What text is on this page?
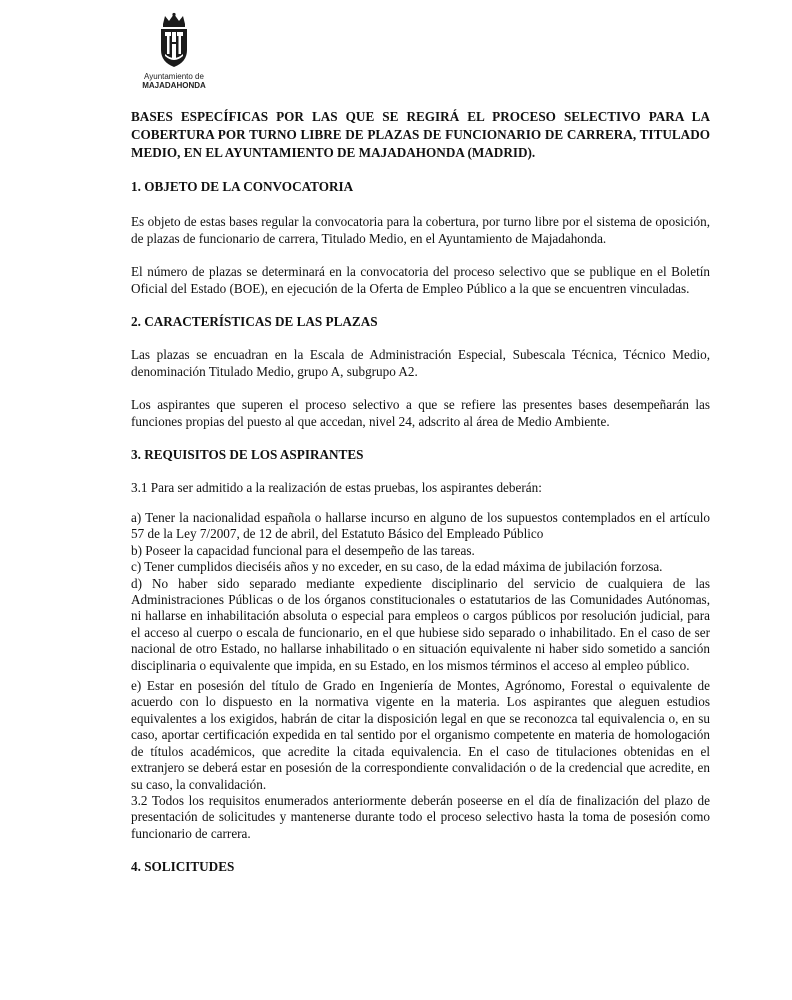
Ayuntamiento de
MAJADAHONDA
BASES ESPECÍFICAS POR LAS QUE SE REGIRÁ EL PROCESO SELECTIVO PARA LA COBERTURA POR TURNO LIBRE DE PLAZAS DE FUNCIONARIO DE CARRERA, TITULADO MEDIO, EN EL AYUNTAMIENTO DE MAJADAHONDA (MADRID).
1. OBJETO DE LA CONVOCATORIA

Es objeto de estas bases regular la convocatoria para la cobertura, por turno libre por el sistema de oposición, de plazas de funcionario de carrera, Titulado Medio, en el Ayuntamiento de Majadahonda.

El número de plazas se determinará en la convocatoria del proceso selectivo que se publique en el Boletín Oficial del Estado (BOE), en ejecución de la Oferta de Empleo Público a la que se encuentren vinculadas.

2. CARACTERÍSTICAS DE LAS PLAZAS

Las plazas se encuadran en la Escala de Administración Especial, Subescala Técnica, Técnico Medio, denominación Titulado Medio, grupo A, subgrupo A2.

Los aspirantes que superen el proceso selectivo a que se refiere las presentes bases desempeñarán las funciones propias del puesto al que accedan, nivel 24, adscrito al área de Medio Ambiente.

3. REQUISITOS DE LOS ASPIRANTES

3.1 Para ser admitido a la realización de estas pruebas, los aspirantes deberán:

a) Tener la nacionalidad española o hallarse incurso en alguno de los supuestos contemplados en el artículo 57 de la Ley 7/2007, de 12 de abril, del Estatuto Básico del Empleado Público

b) Poseer la capacidad funcional para el desempeño de las tareas.

c) Tener cumplidos dieciséis años y no exceder, en su caso, de la edad máxima de jubilación forzosa.

d) No haber sido separado mediante expediente disciplinario del servicio de cualquiera de las Administraciones Públicas o de los órganos constitucionales o estatutarios de las Comunidades Autónomas, ni hallarse en inhabilitación absoluta o especial para empleos o cargos públicos por resolución judicial, para el acceso al cuerpo o escala de funcionario, en el que hubiese sido separado o inhabilitado. En el caso de ser nacional de otro Estado, no hallarse inhabilitado o en situación equivalente ni haber sido sometido a sanción disciplinaria o equivalente que impida, en su Estado, en los mismos términos el acceso al empleo público.

e) Estar en posesión del título de Grado en Ingeniería de Montes, Agrónomo, Forestal o equivalente de acuerdo con lo dispuesto en la normativa vigente en la materia. Los aspirantes que aleguen estudios equivalentes a los exigidos, habrán de citar la disposición legal en que se reconozca tal equivalencia o, en su caso, aportar certificación expedida en tal sentido por el organismo competente en materia de homologación de títulos académicos, que acredite la citada equivalencia. En el caso de titulaciones obtenidas en el extranjero se deberá estar en posesión de la correspondiente convalidación o de la credencial que acredite, en su caso, la convalidación.

3.2 Todos los requisitos enumerados anteriormente deberán poseerse en el día de finalización del plazo de presentación de solicitudes y mantenerse durante todo el proceso selectivo hasta la toma de posesión como funcionario de carrera.

4. SOLICITUDES
